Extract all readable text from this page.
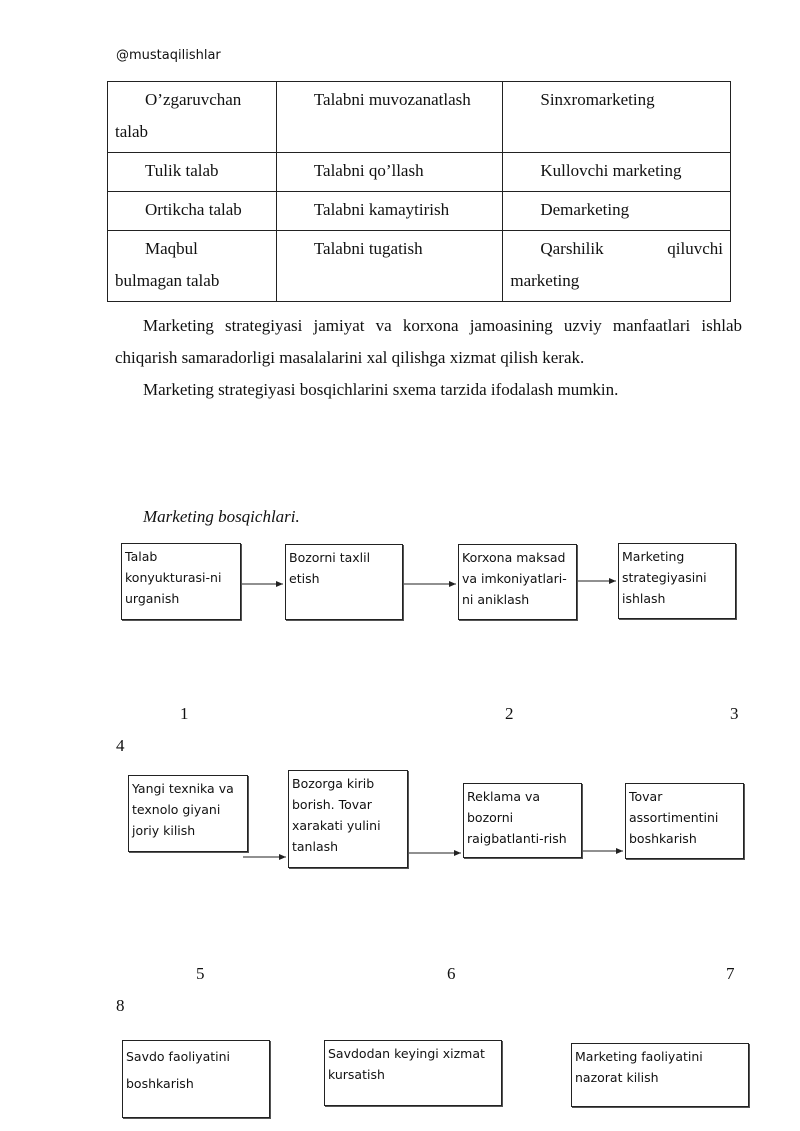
@mustaqilishlar
O’zgaruvchan
talab	Talabni muvozanatlash	Sinxromarketing
Tulik talab	Talabni qo’llash	Kullovchi marketing
Ortikcha talab	Talabni kamaytirish	Demarketing
Maqbul
bulmagan talab	Talabni tugatish	Qarshilik qiluvchi
marketing
Marketing strategiyasi jamiyat va korxona jamoasining uzviy manfaatlari ishlab chiqarish samaradorligi masalalarini xal qilishga xizmat qilish kerak.
Marketing strategiyasi bosqichlarini sxema tarzida ifodalash mumkin.
Marketing bosqichlari.
Talab konyukturasi-ni urganish
Bozorni taxlil etish
Korxona maksad va imkoniyatlari-ni aniklash
Marketing strategiyasini ishlash
1	2	3
4
Yangi texnika va texnolo giyani joriy kilish
Bozorga kirib borish. Tovar xarakati yulini tanlash
Reklama va bozorni raigbatlanti-rish
Tovar assortimentini boshkarish
5	6	7
8
Savdo faoliyatini boshkarish
Savdodan keyingi xizmat kursatish
Marketing faoliyatini nazorat kilish
